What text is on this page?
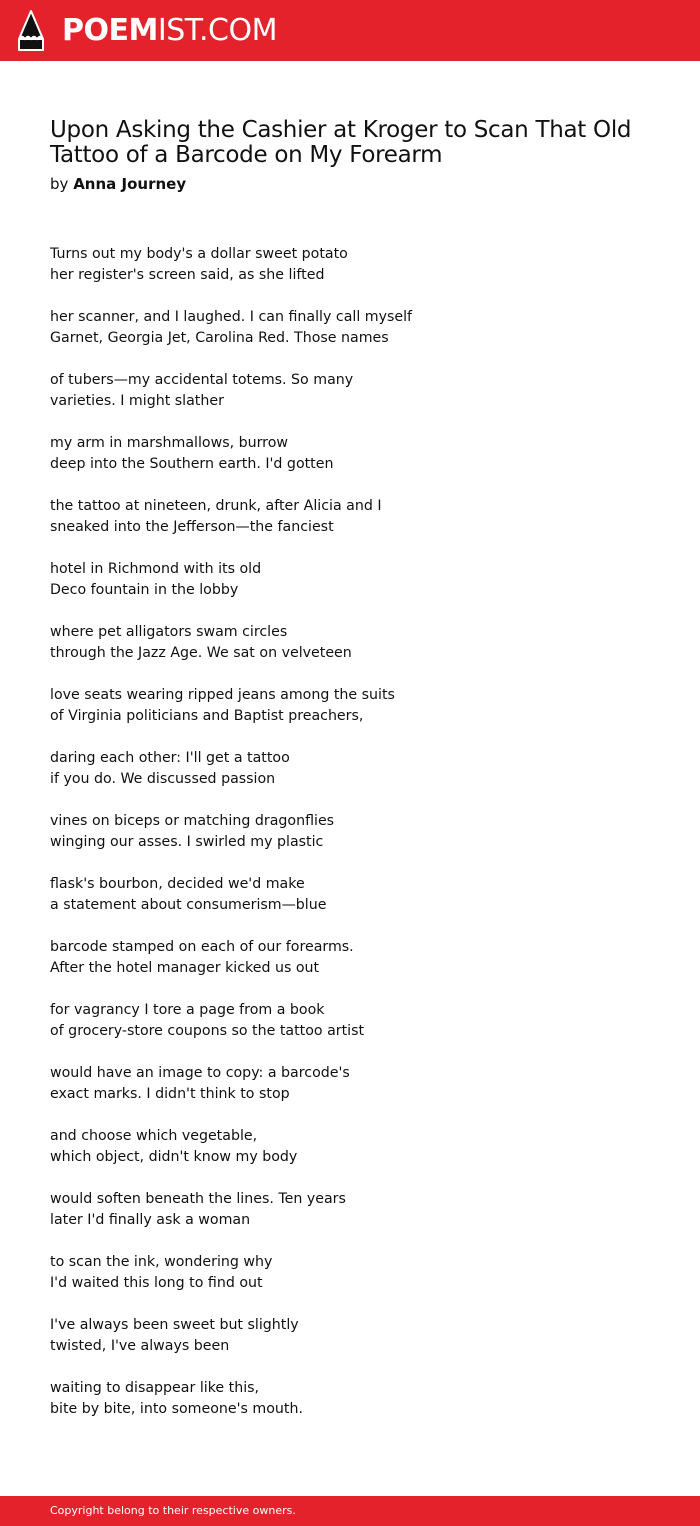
POEMIST.COM
Upon Asking the Cashier at Kroger to Scan That Old Tattoo of a Barcode on My Forearm
by Anna Journey
Turns out my body's a dollar sweet potato
her register's screen said, as she lifted
her scanner, and I laughed. I can finally call myself
Garnet, Georgia Jet, Carolina Red. Those names
of tubers—my accidental totems. So many
varieties. I might slather
my arm in marshmallows, burrow
deep into the Southern earth. I'd gotten
the tattoo at nineteen, drunk, after Alicia and I
sneaked into the Jefferson—the fanciest
hotel in Richmond with its old
Deco fountain in the lobby
where pet alligators swam circles
through the Jazz Age. We sat on velveteen
love seats wearing ripped jeans among the suits
of Virginia politicians and Baptist preachers,
daring each other: I'll get a tattoo
if you do. We discussed passion
vines on biceps or matching dragonflies
winging our asses. I swirled my plastic
flask's bourbon, decided we'd make
a statement about consumerism—blue
barcode stamped on each of our forearms.
After the hotel manager kicked us out
for vagrancy I tore a page from a book
of grocery-store coupons so the tattoo artist
would have an image to copy: a barcode's
exact marks. I didn't think to stop
and choose which vegetable,
which object, didn't know my body
would soften beneath the lines. Ten years
later I'd finally ask a woman
to scan the ink, wondering why
I'd waited this long to find out
I've always been sweet but slightly
twisted, I've always been
waiting to disappear like this,
bite by bite, into someone's mouth.
Copyright belong to their respective owners.
